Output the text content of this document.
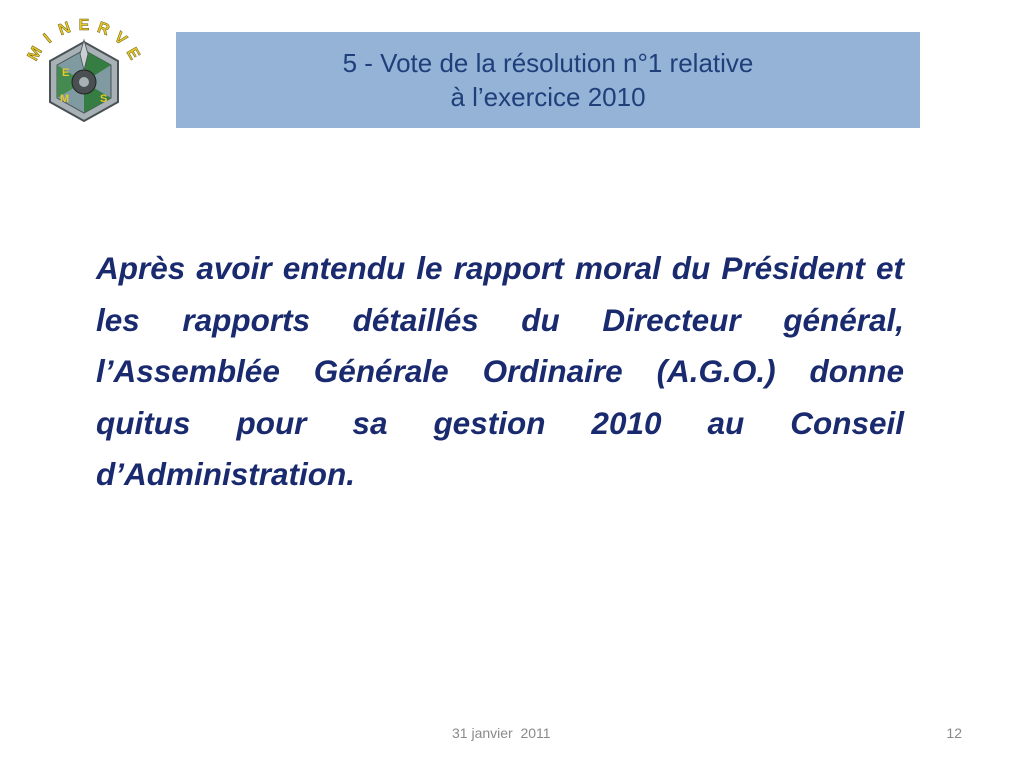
M
I N E R
V
E
E
M	S
5 - Vote de la résolution n°1 relative
à l’exercice 2010
Après avoir entendu le rapport moral du Président et les rapports détaillés du Directeur général, l’Assemblée Générale Ordinaire (A.G.O.) donne quitus pour sa gestion 2010 au Conseil d’Administration.
31 janvier  2011	12
